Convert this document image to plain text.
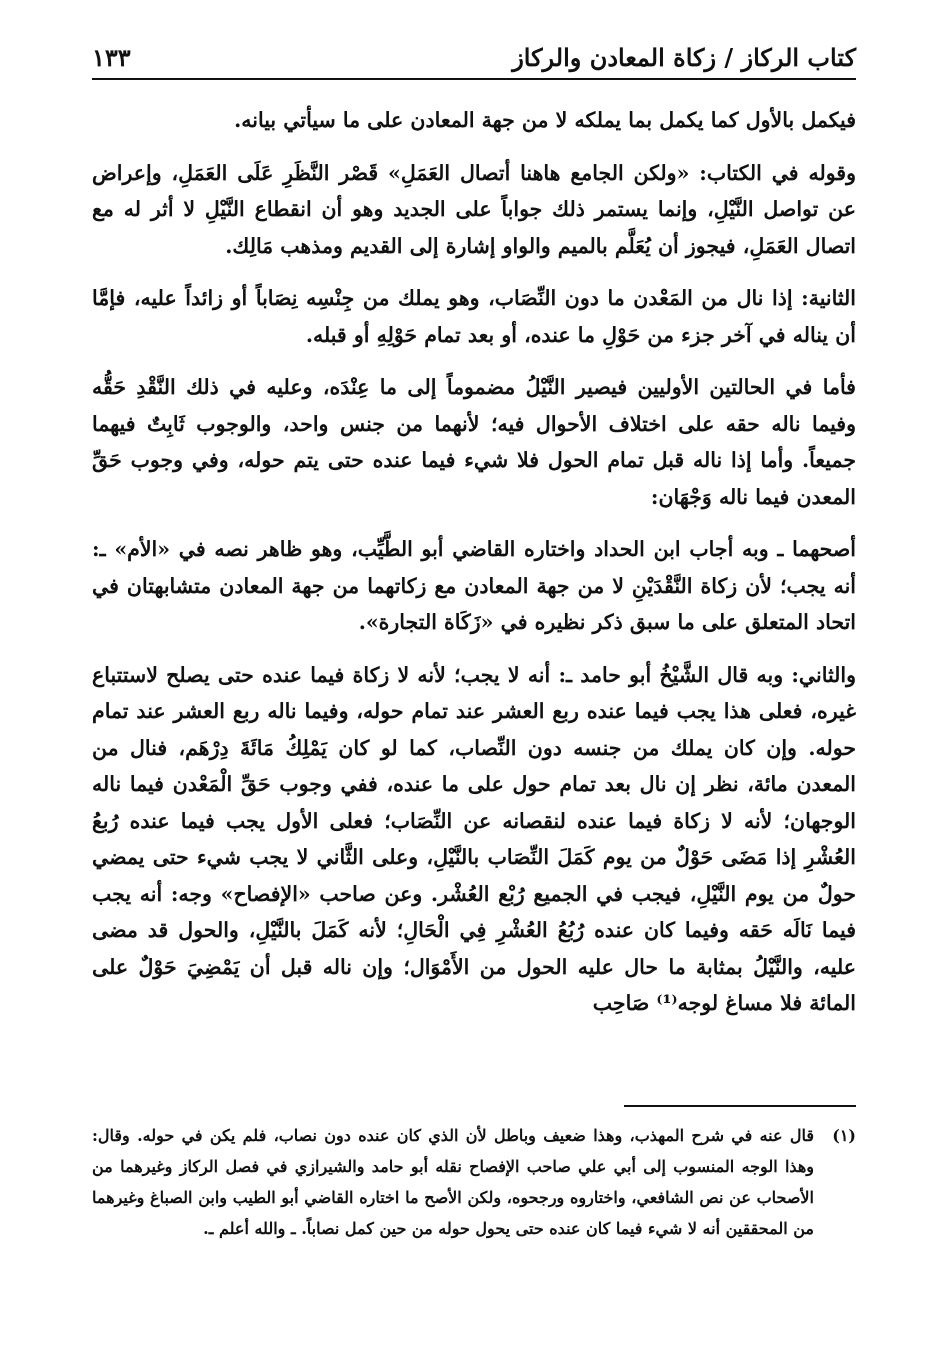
كتاب الركاز / زكاة المعادن والركاز
١٣٣

فيكمل بالأول كما يكمل بما يملكه لا من جهة المعادن على ما سيأتي بيانه.

وقوله في الكتاب: «ولكن الجامع هاهنا أتصال العَمَلِ» قَصْر النَّظَرِ عَلَى العَمَلِ، وإعراض عن تواصل النَّيْلِ، وإنما يستمر ذلك جواباً على الجديد وهو أن انقطاع النَّيْلِ لا أثر له مع اتصال العَمَلِ، فيجوز أن يُعَلَّم بالميم والواو إشارة إلى القديم ومذهب مَالِك.

الثانية: إذا نال من المَعْدن ما دون النِّصَاب، وهو يملك من جِنْسِه نِصَاباً أو زائداً عليه، فإمَّا أن يناله في آخر جزء من حَوْلِ ما عنده، أو بعد تمام حَوْلِهِ أو قبله.

فأما في الحالتين الأوليين فيصير النَّيْلُ مضموماً إلى ما عِنْدَه، وعليه في ذلك النَّقْدِ حَقُّه وفيما ناله حقه على اختلاف الأحوال فيه؛ لأنهما من جنس واحد، والوجوب ثَابِتٌ فيهما جميعاً. وأما إذا ناله قبل تمام الحول فلا شيء فيما عنده حتى يتم حوله، وفي وجوب حَقِّ المعدن فيما ناله وَجْهَان:

أصحهما ـ وبه أجاب ابن الحداد واختاره القاضي أبو الطَّيِّب، وهو ظاهر نصه في «الأم» ـ: أنه يجب؛ لأن زكاة النَّقْدَيْنِ لا من جهة المعادن مع زكاتهما من جهة المعادن متشابهتان في اتحاد المتعلق على ما سبق ذكر نظيره في «زَكَاة التجارة».

والثاني: وبه قال الشَّيْخُ أبو حامد ـ: أنه لا يجب؛ لأنه لا زكاة فيما عنده حتى يصلح لاستتباع غيره، فعلى هذا يجب فيما عنده ربع العشر عند تمام حوله، وفيما ناله ربع العشر عند تمام حوله. وإن كان يملك من جنسه دون النِّصاب، كما لو كان يَمْلِكُ مَائَةَ دِرْهَم، فنال من المعدن مائة، نظر إن نال بعد تمام حول على ما عنده، ففي وجوب حَقِّ الْمَعْدن فيما ناله الوجهان؛ لأنه لا زكاة فيما عنده لنقصانه عن النِّصَاب؛ فعلى الأول يجب فيما عنده رُبعُ العُشْرِ إذا مَضَى حَوْلٌ من يوم كَمَلَ النِّصَاب بالنَّيْلِ، وعلى الثَّاني لا يجب شيء حتى يمضي حولٌ من يوم النَّيْلِ، فيجب في الجميع رُبْع العُشْر. وعن صاحب «الإفصاح» وجه: أنه يجب فيما نَالَه حَقه وفيما كان عنده رُبُعُ العُشْرِ فِي الْحَالِ؛ لأنه كَمَلَ بالنَّيْلِ، والحول قد مضى عليه، والنَّيْلُ بمثابة ما حال عليه الحول من الأَمْوَال؛ وإن ناله قبل أن يَمْضِيَ حَوْلٌ على المائة فلا مساغ لوجه⁽¹⁾ صَاحِب

(١)
قال عنه في شرح المهذب، وهذا ضعيف وباطل لأن الذي كان عنده دون نصاب، فلم يكن في حوله. وقال: وهذا الوجه المنسوب إلى أبي علي صاحب الإفصاح نقله أبو حامد والشيرازي في فصل الركاز وغيرهما من الأصحاب عن نص الشافعي، واختاروه ورجحوه، ولكن الأصح ما اختاره القاضي أبو الطيب وابن الصباغ وغيرهما من المحققين أنه لا شيء فيما كان عنده حتى يحول حوله من حين كمل نصاباً. ـ والله أعلم ـ.
